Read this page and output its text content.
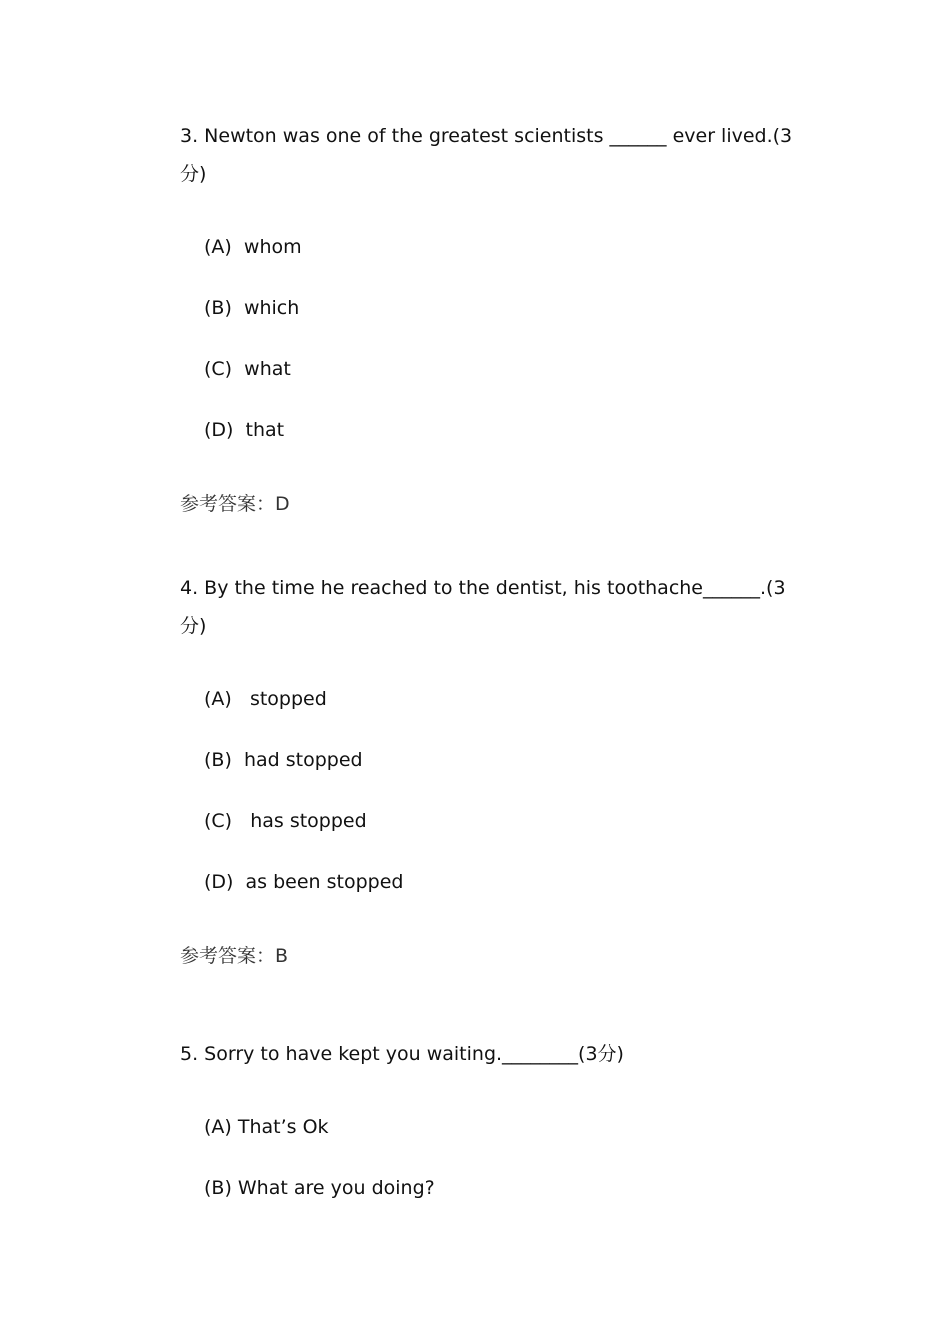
3. Newton was one of the greatest scientists ______ ever lived.(3分)

(A)  whom
(B)  which
(C)  what
(D)  that
参考答案：D

4. By the time he reached to the dentist, his toothache______.(3分)

(A)   stopped
(B)  had stopped
(C)   has stopped
(D)  as been stopped
参考答案：B

5. Sorry to have kept you waiting.________(3分)

(A) That’s Ok
(B) What are you doing?
